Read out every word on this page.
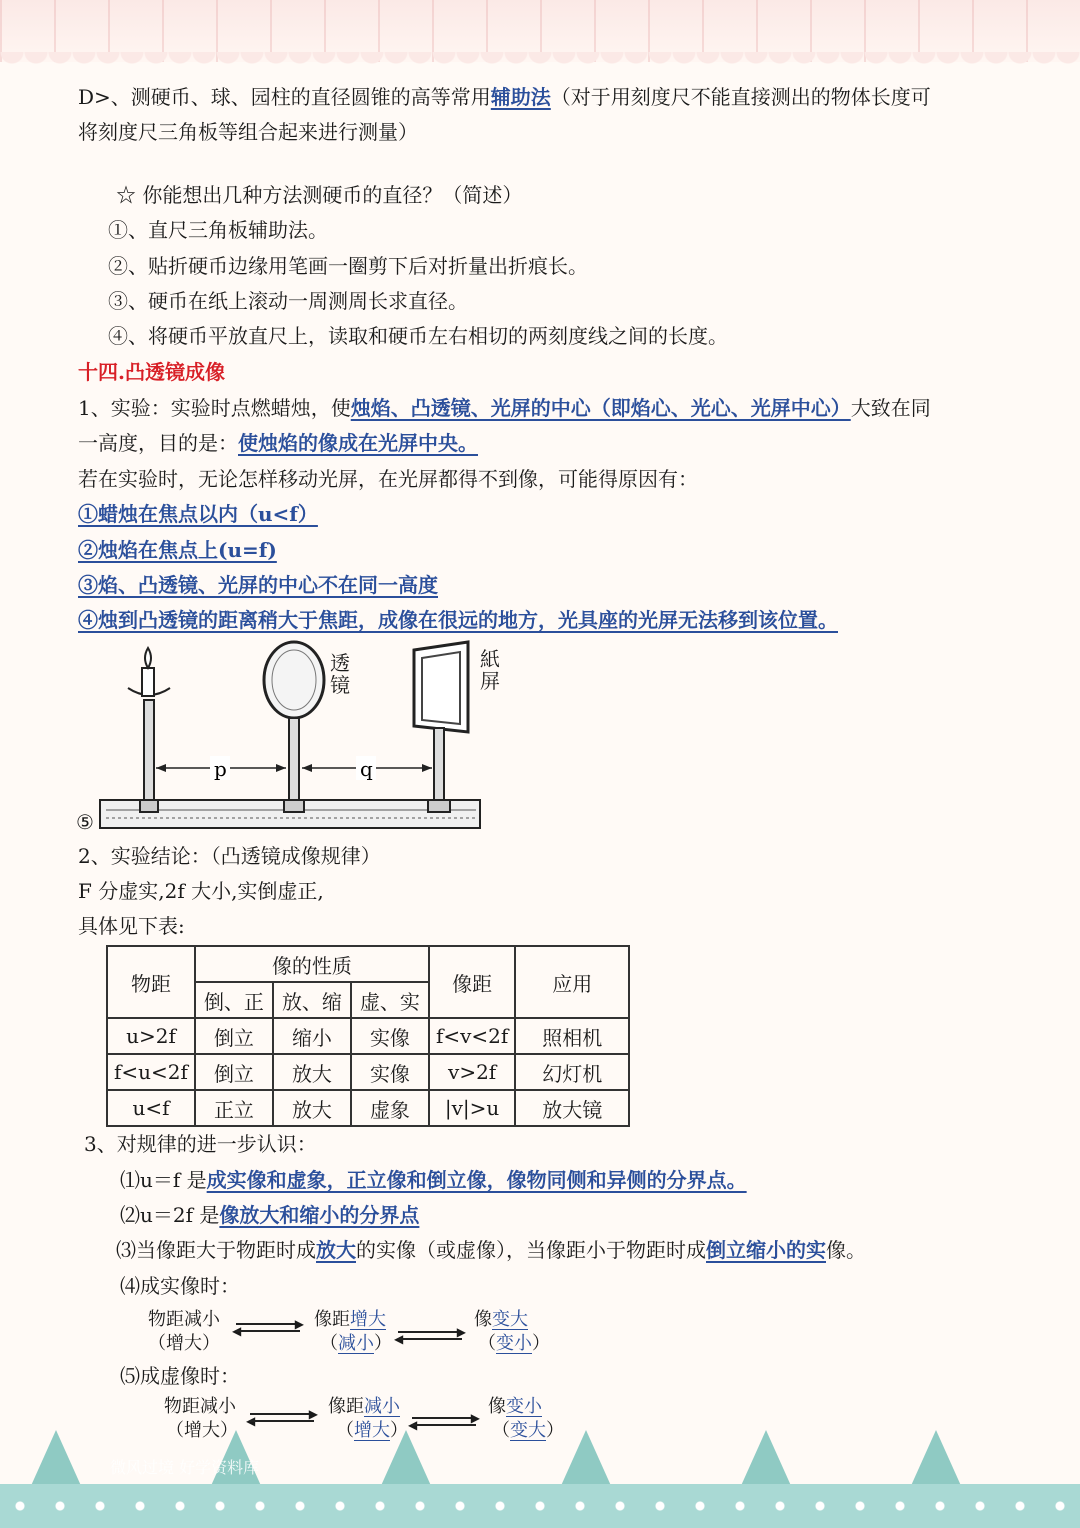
D>、测硬币、球、园柱的直径圆锥的高等常用辅助法（对于用刻度尺不能直接测出的物体长度可
将刻度尺三角板等组合起来进行测量）
☆ 你能想出几种方法测硬币的直径？（简述）
①、直尺三角板辅助法。
②、贴折硬币边缘用笔画一圈剪下后对折量出折痕长。
③、硬币在纸上滚动一周测周长求直径。
④、将硬币平放直尺上，读取和硬币左右相切的两刻度线之间的长度。
十四.凸透镜成像
1、实验：实验时点燃蜡烛，使烛焰、凸透镜、光屏的中心（即焰心、光心、光屏中心）大致在同
一高度，目的是：使烛焰的像成在光屏中央。
若在实验时，无论怎样移动光屏，在光屏都得不到像，可能得原因有：
①蜡烛在焦点以内（u<f）
②烛焰在焦点上(u=f)
③焰、凸透镜、光屏的中心不在同一高度
④烛到凸透镜的距离稍大于焦距，成像在很远的地方，光具座的光屏无法移到该位置。
p	q
⑤
透镜
紙屏
2、实验结论：（凸透镜成像规律）
F 分虚实,2f 大小,实倒虚正,
具体见下表:
物距	像的性质			像距	应用
	倒、正	放、缩	虚、实		
u>2f	倒立	缩小	实像	f<v<2f	照相机
f<u<2f	倒立	放大	实像	v>2f	幻灯机
u<f	正立	放大	虚象	|v|>u	放大镜
3、对规律的进一步认识：
⑴u＝f 是成实像和虚象，正立像和倒立像，像物同侧和异侧的分界点。
⑵u＝2f 是像放大和缩小的分界点
⑶当像距大于物距时成放大的实像（或虚像），当像距小于物距时成倒立缩小的实像。
⑷成实像时：
物距减小
（增大）
▶
◀
像距增大
（减小）
▶
◀
像变大
（变小）
⑸成虚像时：
物距减小
（增大）
▶
◀
像距减小
（增大）
▶
◀
像变小
（变大）
微风过境 好学资料库
